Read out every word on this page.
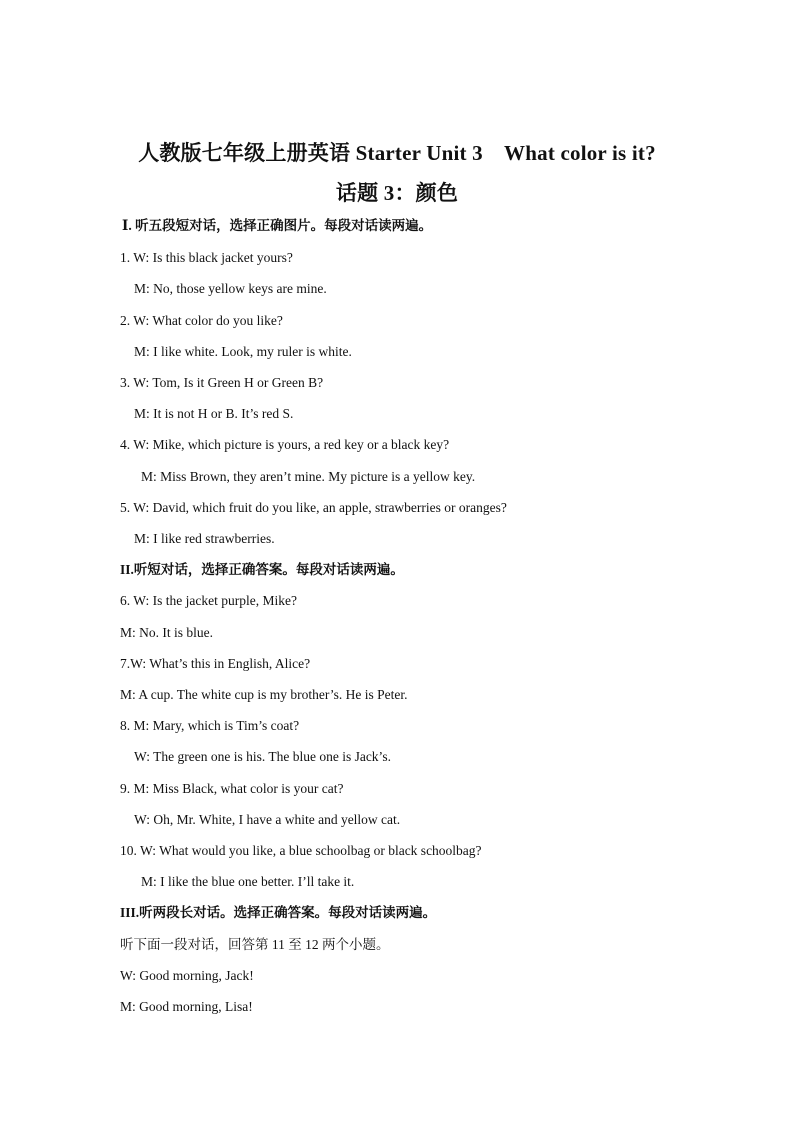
人教版七年级上册英语 Starter Unit 3　What color is it?
话题 3：颜色
Ⅰ. 听五段短对话，选择正确图片。每段对话读两遍。
1. W: Is this black jacket yours?
M: No, those yellow keys are mine.
2. W: What color do you like?
M: I like white. Look, my ruler is white.
3. W: Tom, Is it Green H or Green B?
M: It is not H or B. It’s red S.
4. W: Mike, which picture is yours, a red key or a black key?
M: Miss Brown, they aren’t mine. My picture is a yellow key.
5. W: David, which fruit do you like, an apple, strawberries or oranges?
M: I like red strawberries.
II.听短对话，选择正确答案。每段对话读两遍。
6. W: Is the jacket purple, Mike?
M: No. It is blue.
7.W: What’s this in English, Alice?
M: A cup. The white cup is my brother’s. He is Peter.
8. M: Mary, which is Tim’s coat?
W: The green one is his. The blue one is Jack’s.
9. M: Miss Black, what color is your cat?
W: Oh, Mr. White, I have a white and yellow cat.
10. W: What would you like, a blue schoolbag or black schoolbag?
M: I like the blue one better. I’ll take it.
III.听两段长对话。选择正确答案。每段对话读两遍。
听下面一段对话，回答第 11 至 12 两个小题。
W: Good morning, Jack!
M: Good morning, Lisa!
